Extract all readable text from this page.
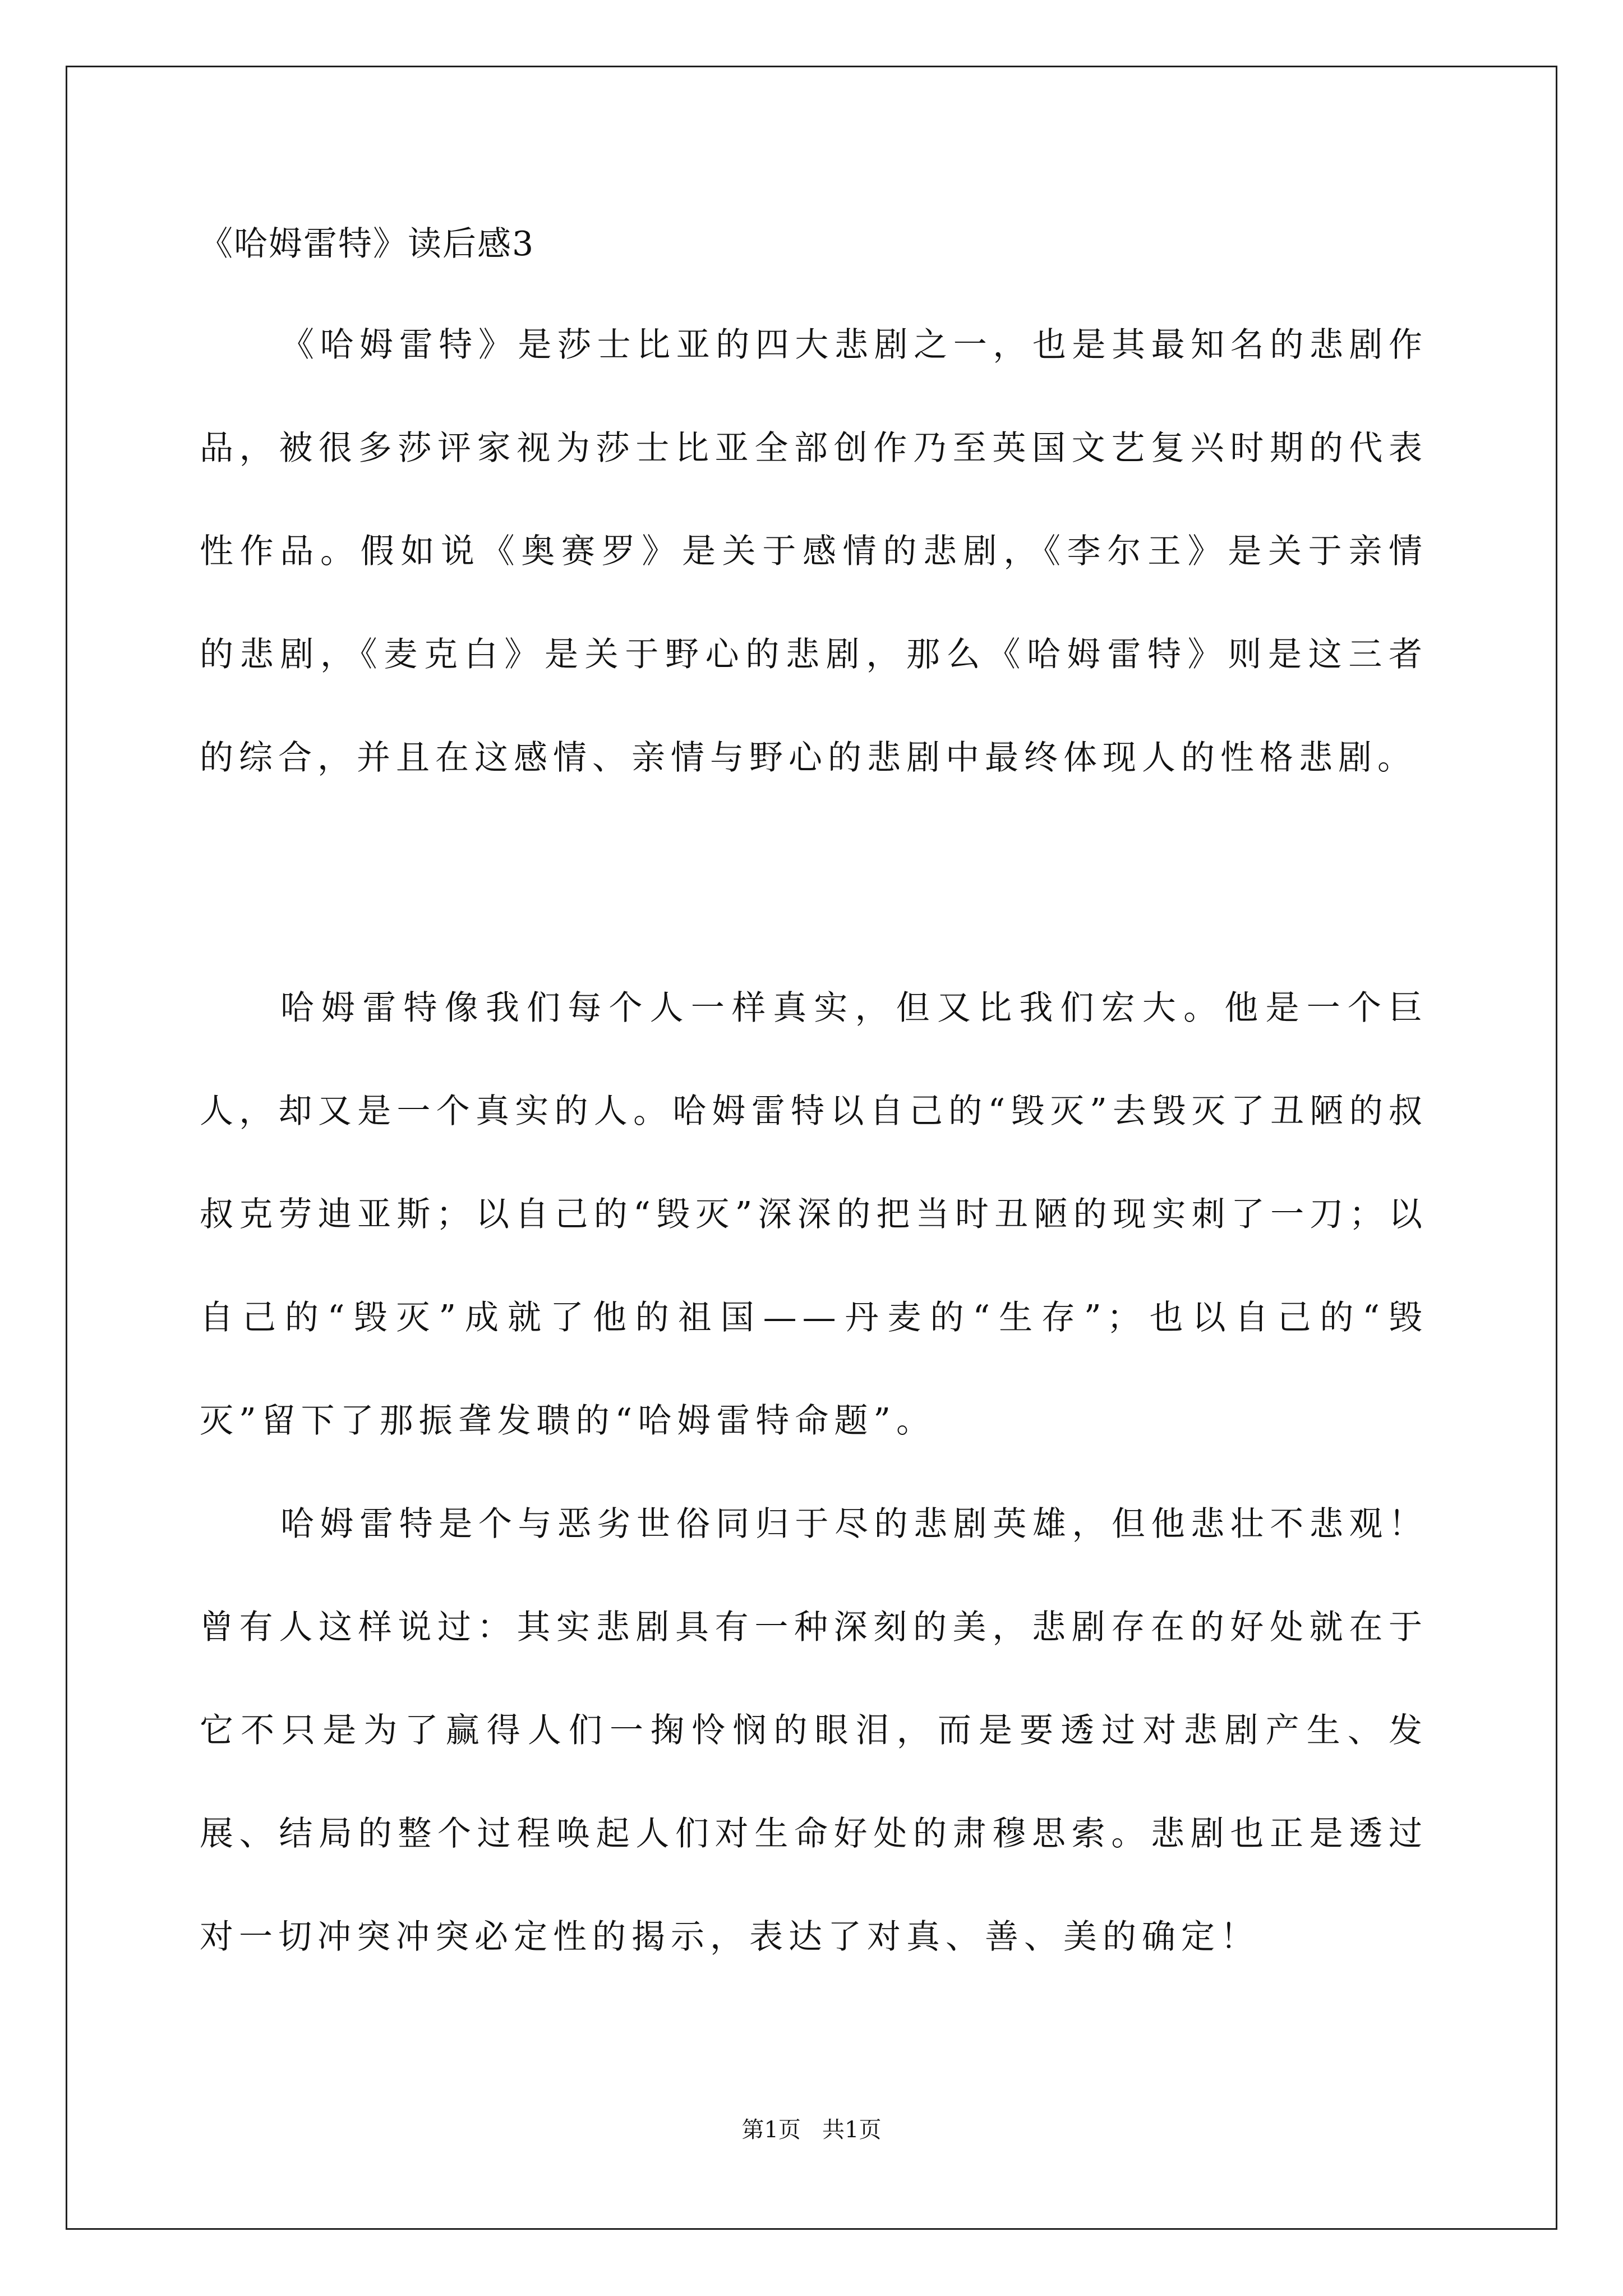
《哈姆雷特》读后感3

《哈姆雷特》是莎士比亚的四大悲剧之一，也是其最知名的悲剧作品，被很多莎评家视为莎士比亚全部创作乃至英国文艺复兴时期的代表性作品。假如说《奥赛罗》是关于感情的悲剧，《李尔王》是关于亲情的悲剧，《麦克白》是关于野心的悲剧，那么《哈姆雷特》则是这三者的综合，并且在这感情、亲情与野心的悲剧中最终体现人的性格悲剧。

哈姆雷特像我们每个人一样真实，但又比我们宏大。他是一个巨人，却又是一个真实的人。哈姆雷特以自己的“毁灭”去毁灭了丑陋的叔叔克劳迪亚斯；以自己的“毁灭”深深的把当时丑陋的现实刺了一刀；以自己的“毁灭”成就了他的祖国——丹麦的“生存”；也以自己的“毁灭”留下了那振聋发聩的“哈姆雷特命题”。

哈姆雷特是个与恶劣世俗同归于尽的悲剧英雄，但他悲壮不悲观！曾有人这样说过：其实悲剧具有一种深刻的美，悲剧存在的好处就在于它不只是为了赢得人们一掬怜悯的眼泪，而是要透过对悲剧产生、发展、结局的整个过程唤起人们对生命好处的肃穆思索。悲剧也正是透过对一切冲突冲突必定性的揭示，表达了对真、善、美的确定！

第1页   共1页
